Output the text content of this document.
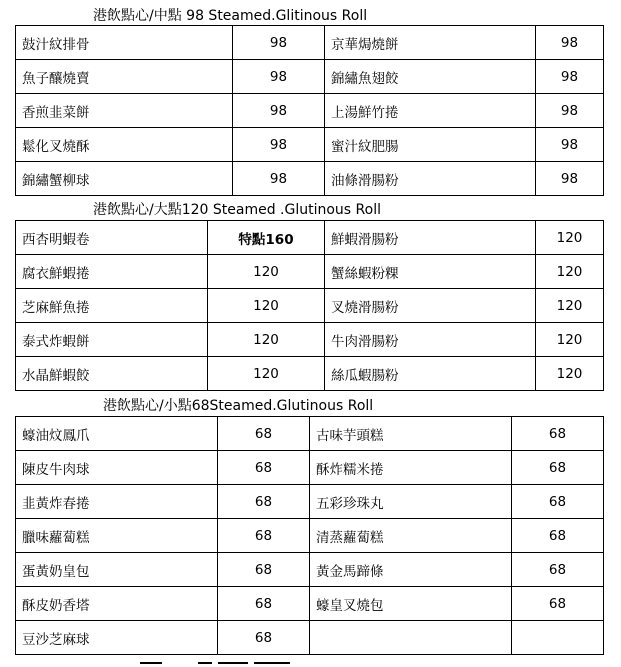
港飲點心/中點 98 Steamed.Glitinous Roll
鼓汁紋排骨	98	京華焗燒餅	98
魚子釀燒賣	98	錦繡魚翅餃	98
香煎韭菜餅	98	上湯鮮竹捲	98
鬆化叉燒酥	98	蜜汁紋肥腸	98
錦繡蟹柳球	98	油條滑腸粉	98
港飲點心/大點120 Steamed .Glutinous Roll
西杏明蝦卷	特點160	鮮蝦滑腸粉	120
腐衣鮮蝦捲	120	蟹絲蝦粉粿	120
芝麻鮮魚捲	120	叉燒滑腸粉	120
泰式炸蝦餅	120	牛肉滑腸粉	120
水晶鮮蝦餃	120	絲瓜蝦腸粉	120
港飲點心/小點68Steamed.Glutinous Roll
蠔油炆鳳爪	68	古味芋頭糕	68
陳皮牛肉球	68	酥炸糯米捲	68
韭黃炸春捲	68	五彩珍珠丸	68
臘味蘿蔔糕	68	清蒸蘿蔔糕	68
蛋黃奶皇包	68	黃金馬蹄條	68
酥皮奶香塔	68	蠔皇叉燒包	68
豆沙芝麻球	68		
